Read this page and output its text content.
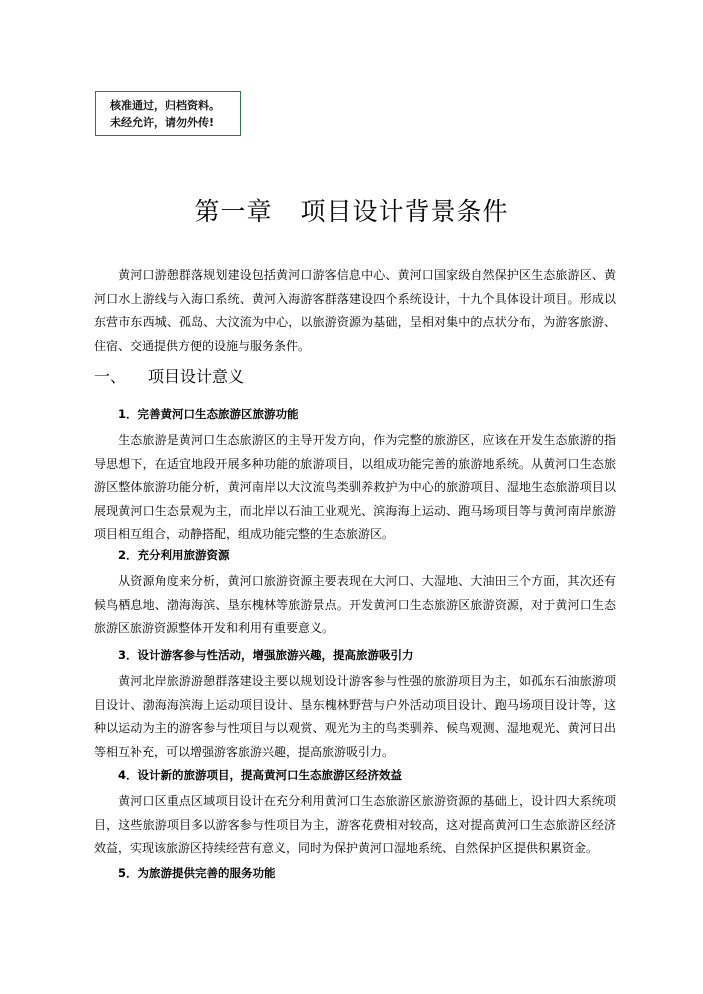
核准通过，归档资料。
未经允许，请勿外传!
第一章 项目设计背景条件

黄河口游憩群落规划建设包括黄河口游客信息中心、黄河口国家级自然保护区生态旅游区、黄河口水上游线与入海口系统、黄河入海游客群落建设四个系统设计，十九个具体设计项目。形成以东营市东西城、孤岛、大汶流为中心，以旅游资源为基础，呈相对集中的点状分布，为游客旅游、住宿、交通提供方便的设施与服务条件。

一、 项目设计意义
1．完善黄河口生态旅游区旅游功能

生态旅游是黄河口生态旅游区的主导开发方向，作为完整的旅游区，应该在开发生态旅游的指导思想下，在适宜地段开展多种功能的旅游项目，以组成功能完善的旅游地系统。从黄河口生态旅游区整体旅游功能分析，黄河南岸以大汶流鸟类驯养救护为中心的旅游项目、湿地生态旅游项目以展现黄河口生态景观为主，而北岸以石油工业观光、滨海海上运动、跑马场项目等与黄河南岸旅游项目相互组合，动静搭配，组成功能完整的生态旅游区。

2．充分利用旅游资源

从资源角度来分析，黄河口旅游资源主要表现在大河口、大湿地、大油田三个方面，其次还有候鸟栖息地、渤海海滨、垦东槐林等旅游景点。开发黄河口生态旅游区旅游资源，对于黄河口生态旅游区旅游资源整体开发和利用有重要意义。

3．设计游客参与性活动，增强旅游兴趣，提高旅游吸引力

黄河北岸旅游游憩群落建设主要以规划设计游客参与性强的旅游项目为主，如孤东石油旅游项目设计、渤海海滨海上运动项目设计、垦东槐林野营与户外活动项目设计、跑马场项目设计等，这种以运动为主的游客参与性项目与以观赏、观光为主的鸟类驯养、候鸟观测、湿地观光、黄河日出等相互补充，可以增强游客旅游兴趣，提高旅游吸引力。

4．设计新的旅游项目，提高黄河口生态旅游区经济效益

黄河口区重点区域项目设计在充分利用黄河口生态旅游区旅游资源的基础上，设计四大系统项目，这些旅游项目多以游客参与性项目为主，游客花费相对较高，这对提高黄河口生态旅游区经济效益，实现该旅游区持续经营有意义，同时为保护黄河口湿地系统、自然保护区提供积累资金。

5．为旅游提供完善的服务功能
